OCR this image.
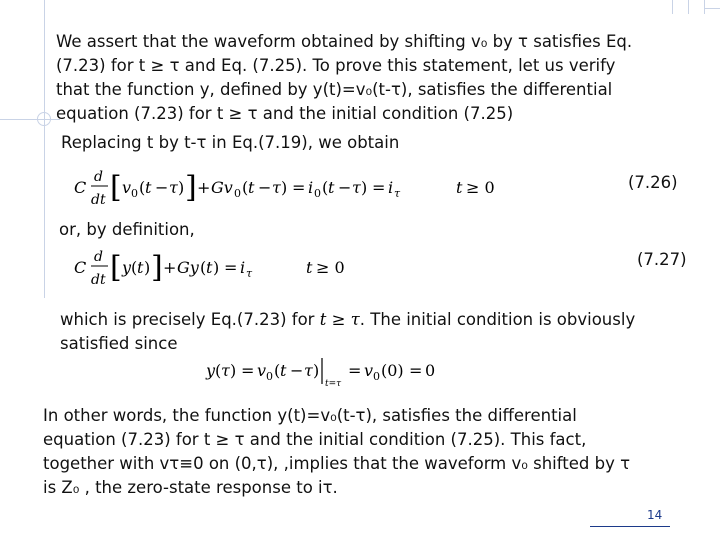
We assert that the waveform obtained by shifting v₀ by τ satisfies Eq.
(7.23) for t ≥ τ and Eq. (7.25). To prove this statement, let us verify
that the function y, defined by y(t)=v₀(t-τ), satisfies the differential
equation (7.23) for t ≥ τ and the initial condition (7.25)
Replacing t by t-τ in Eq.(7.19), we obtain
C
d
dt [ v 0 ( t − τ ) ] + Gv 0 ( t − τ ) = i 0 ( t − τ ) = i τ	t ≥ 0	(7.26)
or, by definition,
C
d
dt [ y ( t ) ] + Gy ( t ) = i τ	t ≥ 0	(7.27)
which is precisely Eq.(7.23) for t ≥ τ. The initial condition is obviously
satisfied since
y ( τ ) = v 0 ( t − τ )
t=τ
= v 0 (0) = 0
In other words, the function y(t)=v₀(t-τ), satisfies the differential
equation (7.23) for t ≥ τ and the initial condition (7.25). This fact,
together with vτ≡0 on (0,τ), ,implies that the waveform v₀ shifted by τ
is Z₀ , the zero-state response to iτ.
14
